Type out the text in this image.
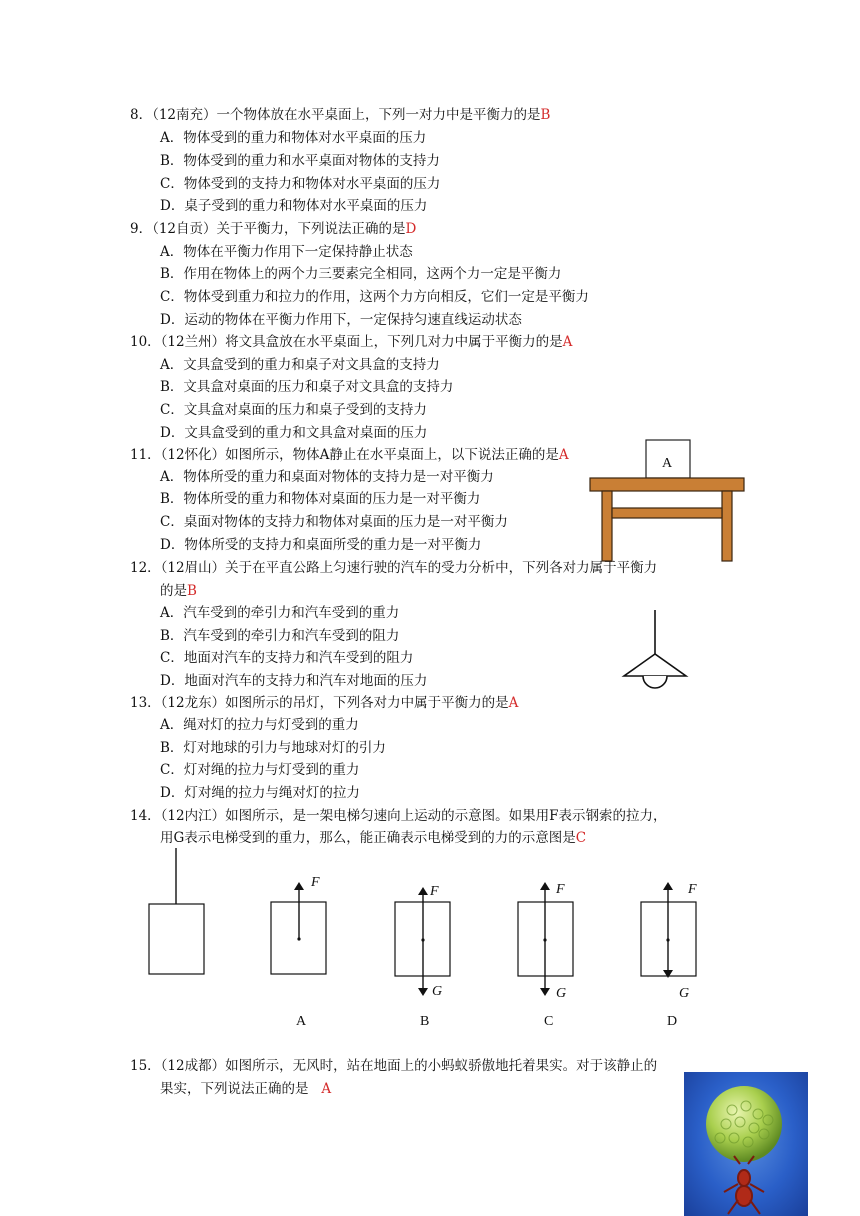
8．（12南充）一个物体放在水平桌面上，下列一对力中是平衡力的是B
A．物体受到的重力和物体对水平桌面的压力
B．物体受到的重力和水平桌面对物体的支持力
C．物体受到的支持力和物体对水平桌面的压力
D．桌子受到的重力和物体对水平桌面的压力
9．（12自贡）关于平衡力，下列说法正确的是D
A．物体在平衡力作用下一定保持静止状态
B．作用在物体上的两个力三要素完全相同，这两个力一定是平衡力
C．物体受到重力和拉力的作用，这两个力方向相反，它们一定是平衡力
D．运动的物体在平衡力作用下，一定保持匀速直线运动状态
10．（12兰州）将文具盒放在水平桌面上，下列几对力中属于平衡力的是A
A．文具盒受到的重力和桌子对文具盒的支持力
B．文具盒对桌面的压力和桌子对文具盒的支持力
C．文具盒对桌面的压力和桌子受到的支持力
D．文具盒受到的重力和文具盒对桌面的压力
11．（12怀化）如图所示，物体A静止在水平桌面上，以下说法正确的是A
A．物体所受的重力和桌面对物体的支持力是一对平衡力
B．物体所受的重力和物体对桌面的压力是一对平衡力
C．桌面对物体的支持力和物体对桌面的压力是一对平衡力
D．物体所受的支持力和桌面所受的重力是一对平衡力
A
12．（12眉山）关于在平直公路上匀速行驶的汽车的受力分析中，下列各对力属于平衡力
的是B
A．汽车受到的牵引力和汽车受到的重力
B．汽车受到的牵引力和汽车受到的阻力
C．地面对汽车的支持力和汽车受到的阻力
D．地面对汽车的支持力和汽车对地面的压力
13．（12龙东）如图所示的吊灯，下列各对力中属于平衡力的是A
A．绳对灯的拉力与灯受到的重力
B．灯对地球的引力与地球对灯的引力
C．灯对绳的拉力与灯受到的重力
D．灯对绳的拉力与绳对灯的拉力
14．（12内江）如图所示，是一架电梯匀速向上运动的示意图。如果用F表示钢索的拉力，
用G表示电梯受到的重力，那么，能正确表示电梯受到的力的示意图是C
F
F
G
F
G
F
G
A	B	C	D
15．（12成都）如图所示，无风时，站在地面上的小蚂蚁骄傲地托着果实。对于该静止的
果实，下列说法正确的是 A
